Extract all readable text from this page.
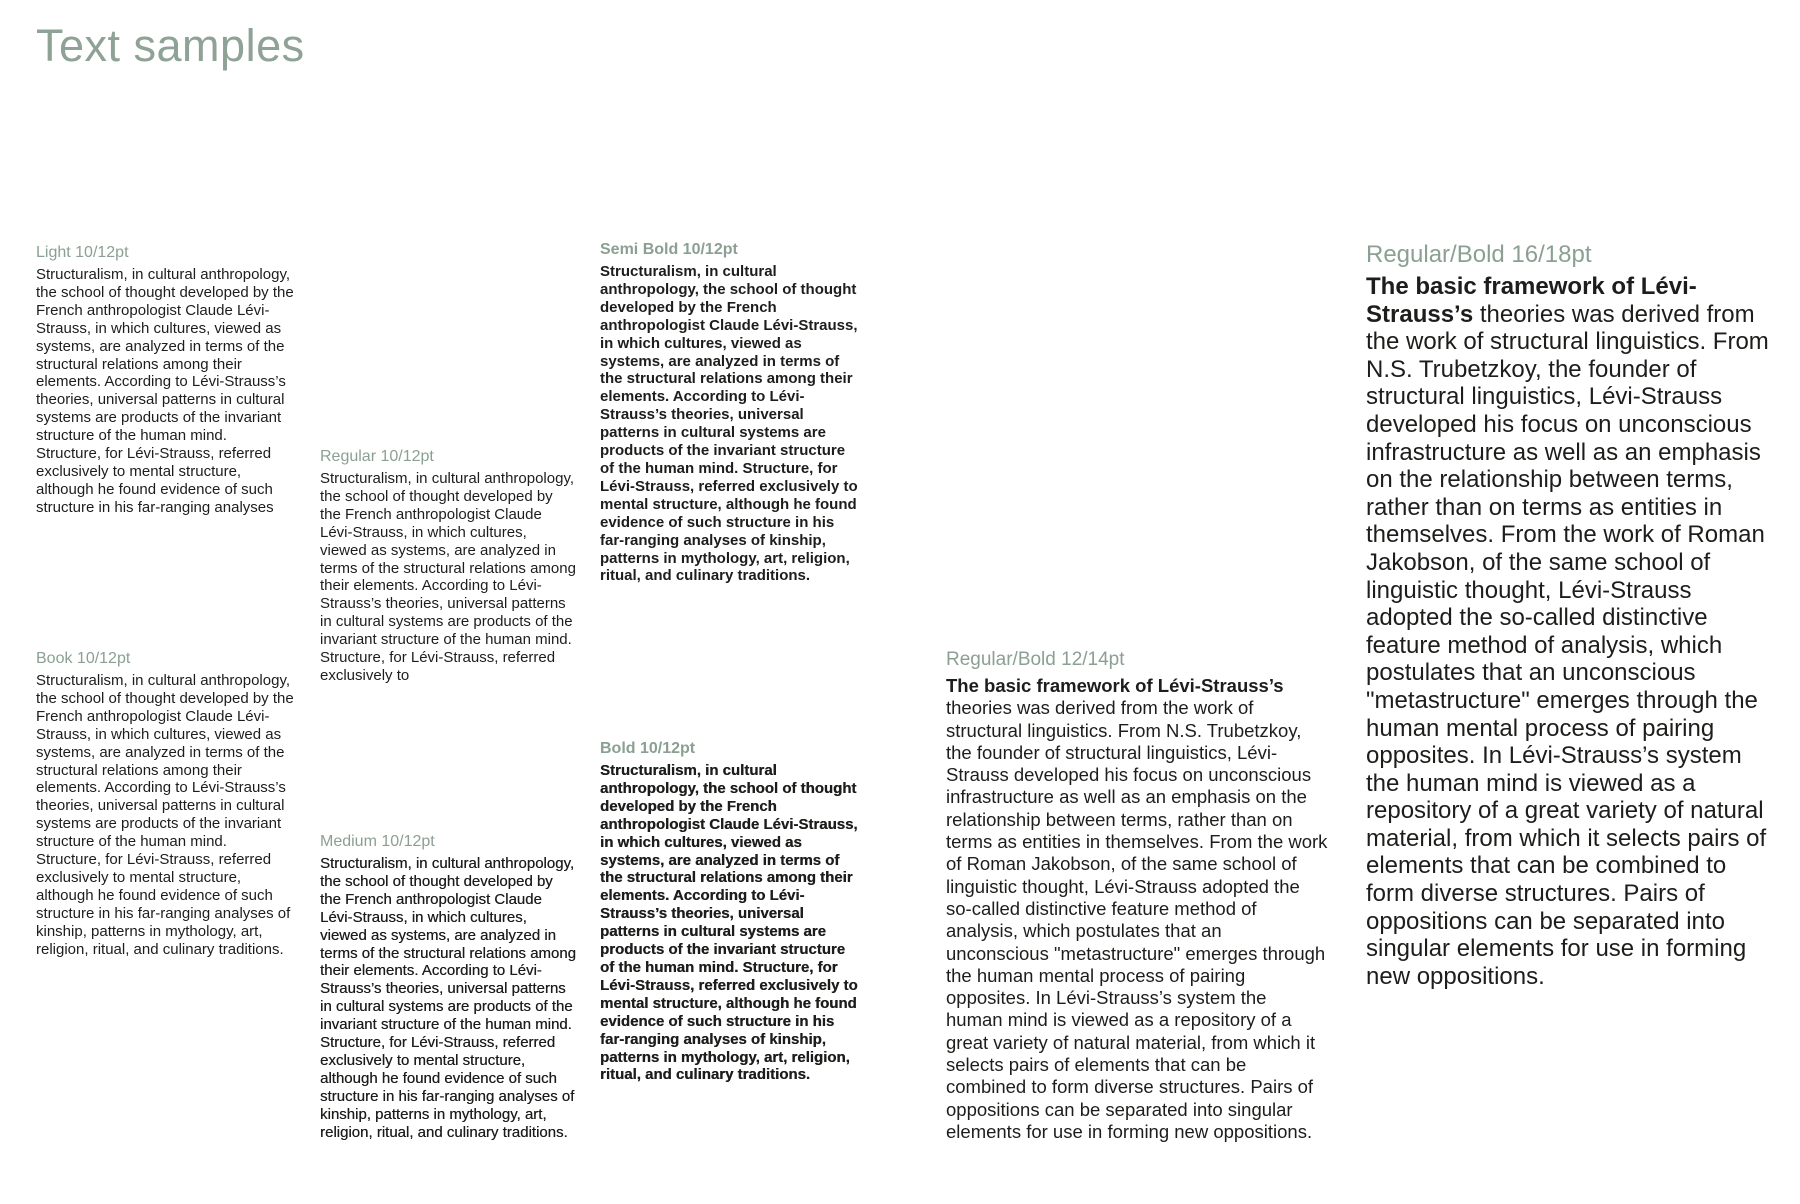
Text samples
Light 10/12pt

Structuralism, in cultural anthropology, the school of thought developed by the French anthropologist Claude Lévi-Strauss, in which cultures, viewed as systems, are analyzed in terms of the structural relations among their elements. According to Lévi-Strauss’s theories, universal patterns in cultural systems are products of the invariant structure of the human mind. Structure, for Lévi-Strauss, referred exclusively to mental structure, although he found evidence of such structure in his far-ranging analyses

Book 10/12pt

Structuralism, in cultural anthropology, the school of thought developed by the French anthropologist Claude Lévi-Strauss, in which cultures, viewed as systems, are analyzed in terms of the structural relations among their elements. According to Lévi-Strauss’s theories, universal patterns in cultural systems are products of the invariant structure of the human mind. Structure, for Lévi-Strauss, referred exclusively to mental structure, although he found evidence of such structure in his far-ranging analyses of kinship, patterns in mythology, art, religion, ritual, and culinary traditions.

Regular 10/12pt

Structuralism, in cultural anthropology, the school of thought developed by the French anthropologist Claude Lévi-Strauss, in which cultures, viewed as systems, are analyzed in terms of the structural relations among their elements. According to Lévi-Strauss’s theories, universal patterns in cultural systems are products of the invariant structure of the human mind. Structure, for Lévi-Strauss, referred exclusively to

Medium 10/12pt

Structuralism, in cultural anthropology, the school of thought developed by the French anthropologist Claude Lévi-Strauss, in which cultures, viewed as systems, are analyzed in terms of the structural relations among their elements. According to Lévi-Strauss’s theories, universal patterns in cultural systems are products of the invariant structure of the human mind. Structure, for Lévi-Strauss, referred exclusively to mental structure, although he found evidence of such structure in his far-ranging analyses of kinship, patterns in mythology, art, religion, ritual, and culinary traditions.

Semi Bold 10/12pt

Structuralism, in cultural anthropology, the school of thought developed by the French anthropologist Claude Lévi-Strauss, in which cultures, viewed as systems, are analyzed in terms of the structural relations among their elements. According to Lévi-Strauss’s theories, universal patterns in cultural systems are products of the invariant structure of the human mind. Structure, for Lévi-Strauss, referred exclusively to mental structure, although he found evidence of such structure in his far-ranging analyses of kinship, patterns in mythology, art, religion, ritual, and culinary traditions.

Bold 10/12pt

Structuralism, in cultural anthropology, the school of thought developed by the French anthropologist Claude Lévi-Strauss, in which cultures, viewed as systems, are analyzed in terms of the structural relations among their elements. According to Lévi-Strauss’s theories, universal patterns in cultural systems are products of the invariant structure of the human mind. Structure, for Lévi-Strauss, referred exclusively to mental structure, although he found evidence of such structure in his far-ranging analyses of kinship, patterns in mythology, art, religion, ritual, and culinary traditions.

Regular/Bold 12/14pt

The basic framework of Lévi-Strauss’s theories was derived from the work of structural linguistics. From N.S. Trubetzkoy, the founder of structural linguistics, Lévi-Strauss developed his focus on unconscious infrastructure as well as an emphasis on the relationship between terms, rather than on terms as entities in themselves. From the work of Roman Jakobson, of the same school of linguistic thought, Lévi-Strauss adopted the so-called distinctive feature method of analysis, which postulates that an unconscious "metastructure" emerges through the human mental process of pairing opposites. In Lévi-Strauss’s system the human mind is viewed as a repository of a great variety of natural material, from which it selects pairs of elements that can be combined to form diverse structures. Pairs of oppositions can be separated into singular elements for use in forming new oppositions.

Regular/Bold 16/18pt

The basic framework of Lévi-Strauss’s theories was derived from the work of structural linguistics. From N.S. Trubetzkoy, the founder of structural linguistics, Lévi-Strauss developed his focus on unconscious infrastructure as well as an emphasis on the relationship between terms, rather than on terms as entities in themselves. From the work of Roman Jakobson, of the same school of linguistic thought, Lévi-Strauss adopted the so-called distinctive feature method of analysis, which postulates that an unconscious "metastructure" emerges through the human mental process of pairing opposites. In Lévi-Strauss’s system the human mind is viewed as a repository of a great variety of natural material, from which it selects pairs of elements that can be combined to form diverse structures. Pairs of oppositions can be separated into singular elements for use in forming new oppositions.
